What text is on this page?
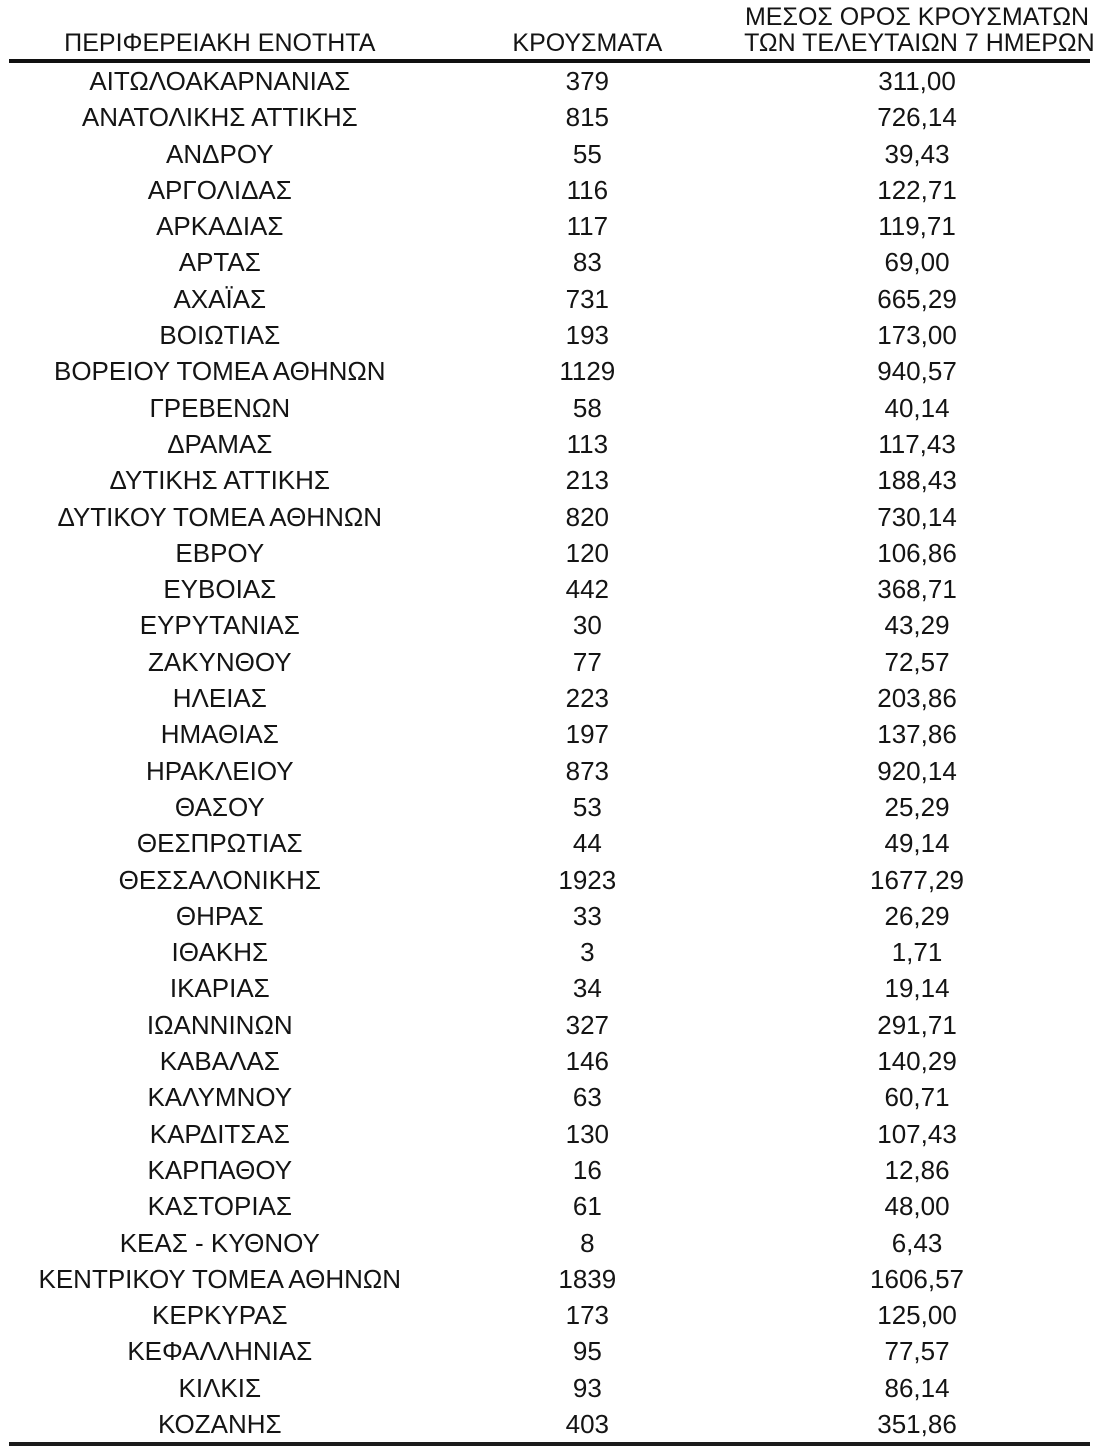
ΠΕΡΙΦΕΡΕΙΑΚΗ ΕΝΟΤΗΤΑ	ΚΡΟΥΣΜΑΤΑ	ΜΕΣΟΣ ΟΡΟΣ ΚΡΟΥΣΜΑΤΩΝ
ΤΩΝ ΤΕΛΕΥΤΑΙΩΝ 7 ΗΜΕΡΩΝ

ΑΙΤΩΛΟΑΚΑΡΝΑΝΙΑΣ	379	311,00
ΑΝΑΤΟΛΙΚΗΣ ΑΤΤΙΚΗΣ	815	726,14
ΑΝΔΡΟΥ	55	39,43
ΑΡΓΟΛΙΔΑΣ	116	122,71
ΑΡΚΑΔΙΑΣ	117	119,71
ΑΡΤΑΣ	83	69,00
ΑΧΑΪΑΣ	731	665,29
ΒΟΙΩΤΙΑΣ	193	173,00
ΒΟΡΕΙΟΥ ΤΟΜΕΑ ΑΘΗΝΩΝ	1129	940,57
ΓΡΕΒΕΝΩΝ	58	40,14
ΔΡΑΜΑΣ	113	117,43
ΔΥΤΙΚΗΣ ΑΤΤΙΚΗΣ	213	188,43
ΔΥΤΙΚΟΥ ΤΟΜΕΑ ΑΘΗΝΩΝ	820	730,14
ΕΒΡΟΥ	120	106,86
ΕΥΒΟΙΑΣ	442	368,71
ΕΥΡΥΤΑΝΙΑΣ	30	43,29
ΖΑΚΥΝΘΟΥ	77	72,57
ΗΛΕΙΑΣ	223	203,86
ΗΜΑΘΙΑΣ	197	137,86
ΗΡΑΚΛΕΙΟΥ	873	920,14
ΘΑΣΟΥ	53	25,29
ΘΕΣΠΡΩΤΙΑΣ	44	49,14
ΘΕΣΣΑΛΟΝΙΚΗΣ	1923	1677,29
ΘΗΡΑΣ	33	26,29
ΙΘΑΚΗΣ	3	1,71
ΙΚΑΡΙΑΣ	34	19,14
ΙΩΑΝΝΙΝΩΝ	327	291,71
ΚΑΒΑΛΑΣ	146	140,29
ΚΑΛΥΜΝΟΥ	63	60,71
ΚΑΡΔΙΤΣΑΣ	130	107,43
ΚΑΡΠΑΘΟΥ	16	12,86
ΚΑΣΤΟΡΙΑΣ	61	48,00
ΚΕΑΣ - ΚΥΘΝΟΥ	8	6,43
ΚΕΝΤΡΙΚΟΥ ΤΟΜΕΑ ΑΘΗΝΩΝ	1839	1606,57
ΚΕΡΚΥΡΑΣ	173	125,00
ΚΕΦΑΛΛΗΝΙΑΣ	95	77,57
ΚΙΛΚΙΣ	93	86,14
ΚΟΖΑΝΗΣ	403	351,86
